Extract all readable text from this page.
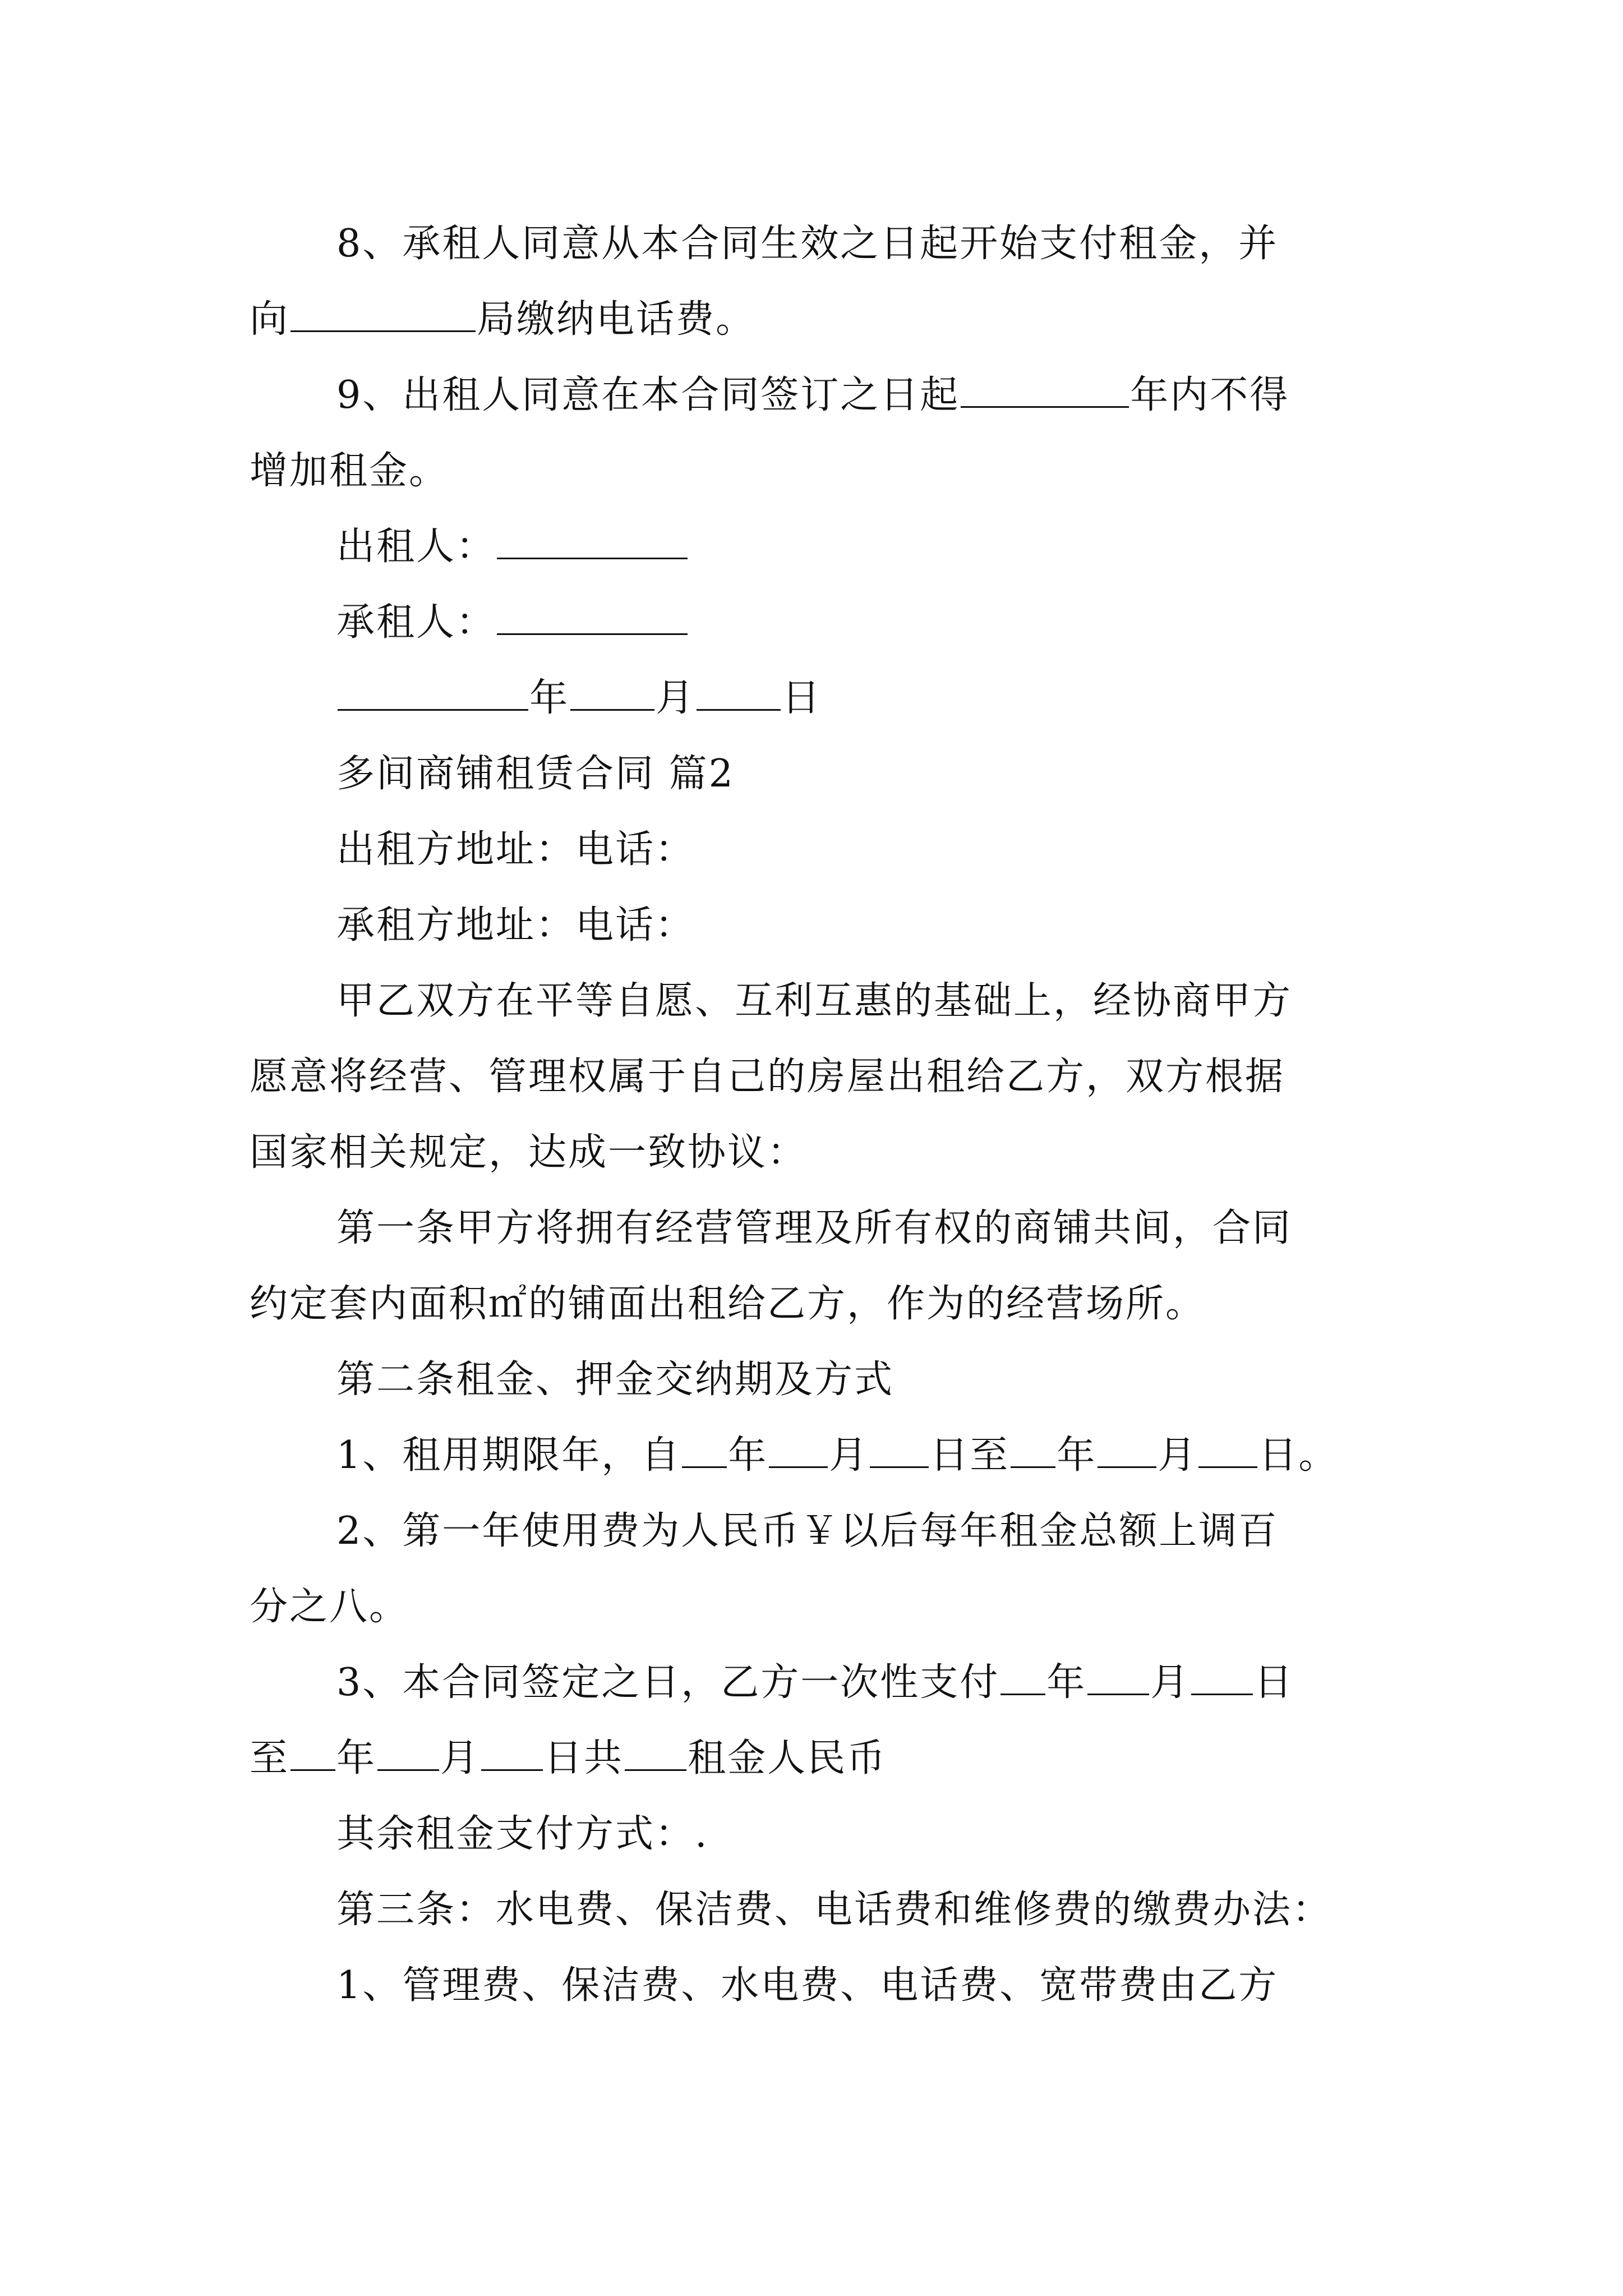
8、承租人同意从本合同生效之日起开始支付租金，并
向	局缴纳电话费。
9、出租人同意在本合同签订之日起	年内不得
增加租金。
出租人：
承租人：
年 月 日
多间商铺租赁合同 篇2
出租方地址：电话：
承租方地址：电话：
甲乙双方在平等自愿、互利互惠的基础上，经协商甲方
愿意将经营、管理权属于自己的房屋出租给乙方，双方根据
国家相关规定，达成一致协议：
第一条甲方将拥有经营管理及所有权的商铺共间，合同
约定套内面积㎡的铺面出租给乙方，作为的经营场所。
第二条租金、押金交纳期及方式
1、租用期限年，自 年 月 日至 年 月 日。
2、第一年使用费为人民币￥以后每年租金总额上调百
分之八。
3、本合同签定之日，乙方一次性支付 年 月 日
至 年 月 日共 租金人民币
其余租金支付方式：.
第三条：水电费、保洁费、电话费和维修费的缴费办法：
1、管理费、保洁费、水电费、电话费、宽带费由乙方
